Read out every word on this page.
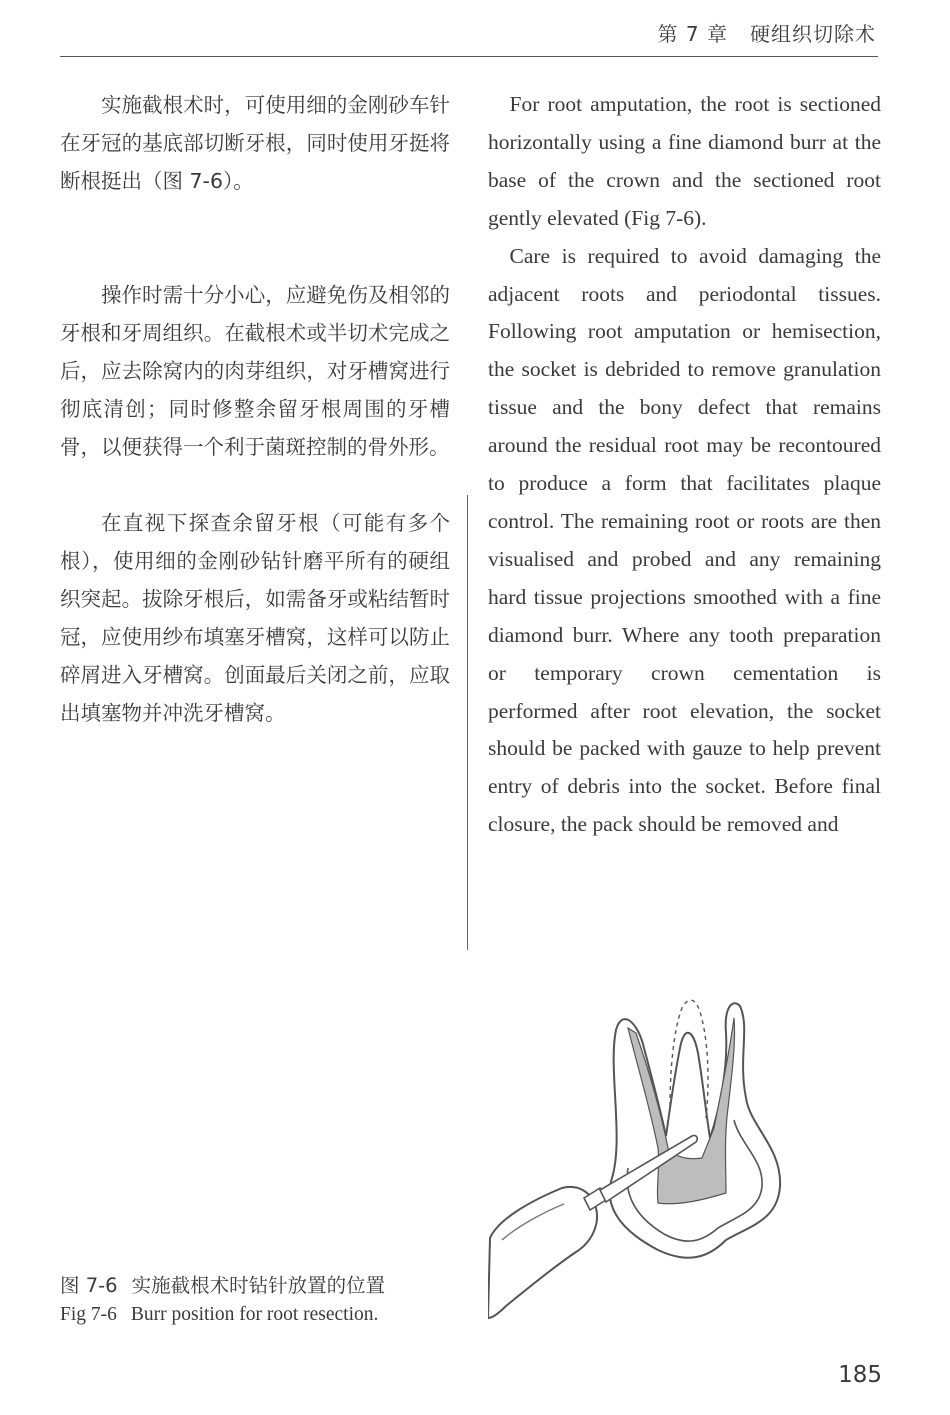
第 7 章 硬组织切除术

实施截根术时，可使用细的金刚砂车针在牙冠的基底部切断牙根，同时使用牙挺将断根挺出（图 7-6）。

操作时需十分小心，应避免伤及相邻的牙根和牙周组织。在截根术或半切术完成之后，应去除窝内的肉芽组织，对牙槽窝进行彻底清创；同时修整余留牙根周围的牙槽骨，以便获得一个利于菌斑控制的骨外形。

在直视下探查余留牙根（可能有多个根），使用细的金刚砂钻针磨平所有的硬组织突起。拔除牙根后，如需备牙或粘结暂时冠，应使用纱布填塞牙槽窝，这样可以防止碎屑进入牙槽窝。创面最后关闭之前，应取出填塞物并冲洗牙槽窝。

For root amputation, the root is sectioned horizontally using a fine diamond burr at the base of the crown and the sectioned root gently elevated (Fig 7-6).

Care is required to avoid damaging the adjacent roots and periodontal tissues. Following root amputation or hemisection, the socket is debrided to remove granulation tissue and the bony defect that remains around the residual root may be recontoured to produce a form that facilitates plaque control. The remaining root or roots are then visualised and probed and any remaining hard tissue projections smoothed with a fine diamond burr. Where any tooth preparation or temporary crown cementation is performed after root elevation, the socket should be packed with gauze to help prevent entry of debris into the socket. Before final closure, the pack should be removed and

图 7-6 实施截根术时钻针放置的位置
Fig 7-6 Burr position for root resection.
185
